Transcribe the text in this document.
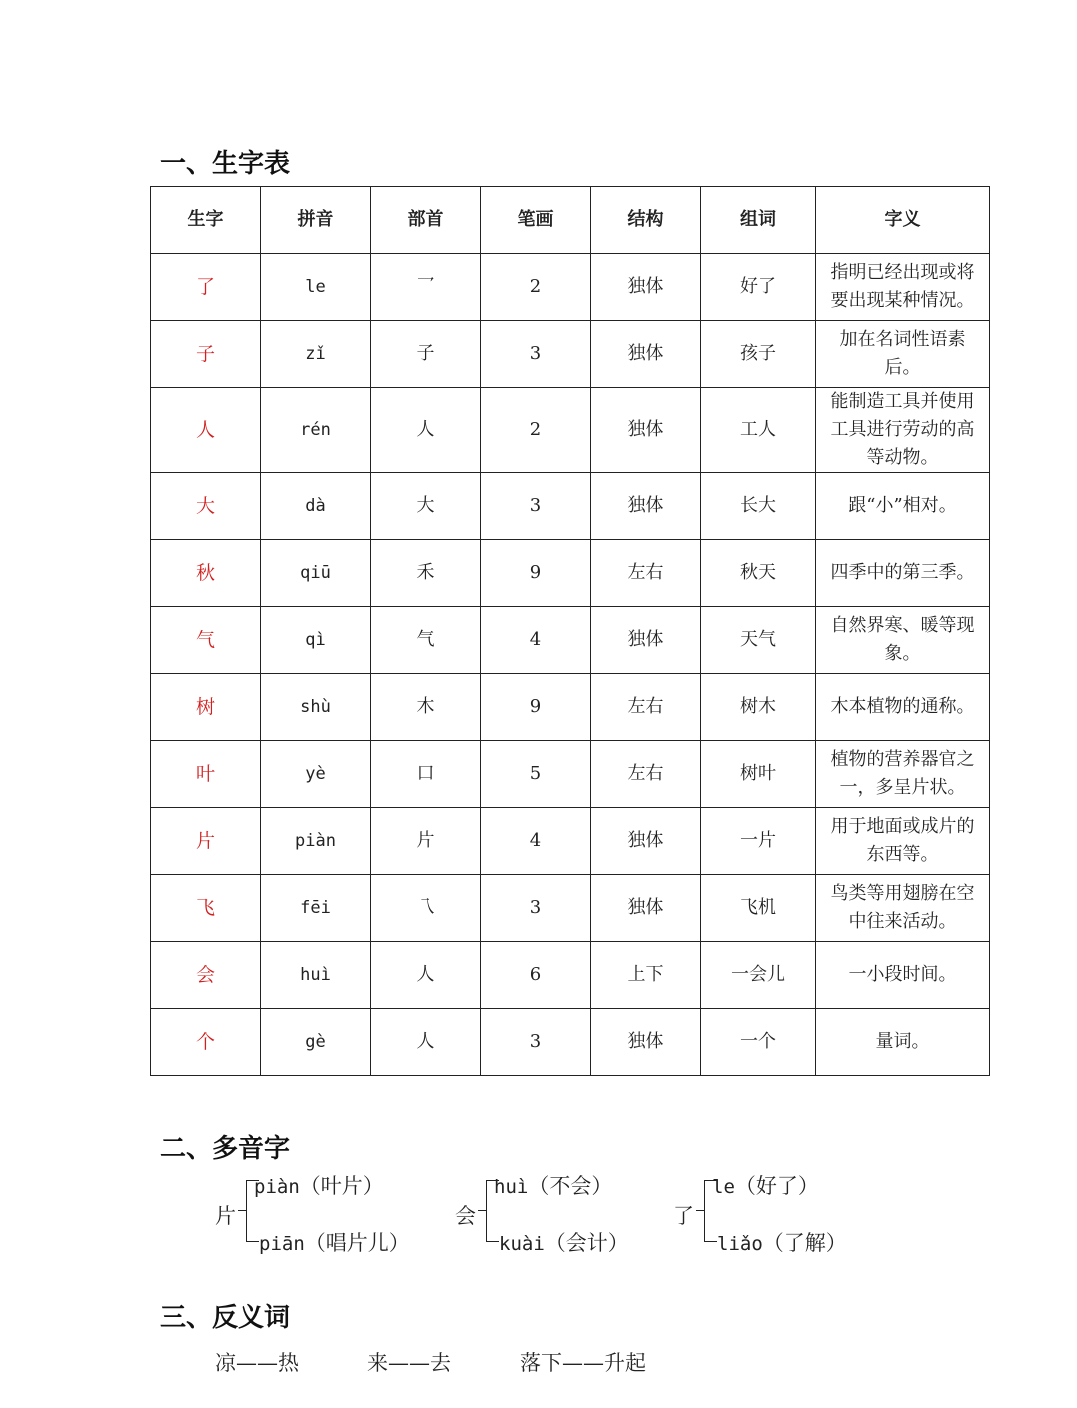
一、生字表
生字	拼音	部首	笔画	结构	组词	字义
了	le	乛	2	独体	好了	指明已经出现或将要出现某种情况。
子	zǐ	子	3	独体	孩子	加在名词性语素后。
人	rén	人	2	独体	工人	能制造工具并使用工具进行劳动的高等动物。
大	dà	大	3	独体	长大	跟“小”相对。
秋	qiū	禾	9	左右	秋天	四季中的第三季。
气	qì	气	4	独体	天气	自然界寒、暖等现象。
树	shù	木	9	左右	树木	木本植物的通称。
叶	yè	口	5	左右	树叶	植物的营养器官之一，多呈片状。
片	piàn	片	4	独体	一片	用于地面或成片的东西等。
飞	fēi	乁	3	独体	飞机	鸟类等用翅膀在空中往来活动。
会	huì	人	6	上下	一会儿	一小段时间。
个	gè	人	3	独体	一个	量词。
二、多音字
片
piàn（叶片）
piān（唱片儿）
会
huì（不会）
kuài（会计）
了
le（好了）
liǎo（了解）
三、反义词
凉——热	来——去	落下——升起
